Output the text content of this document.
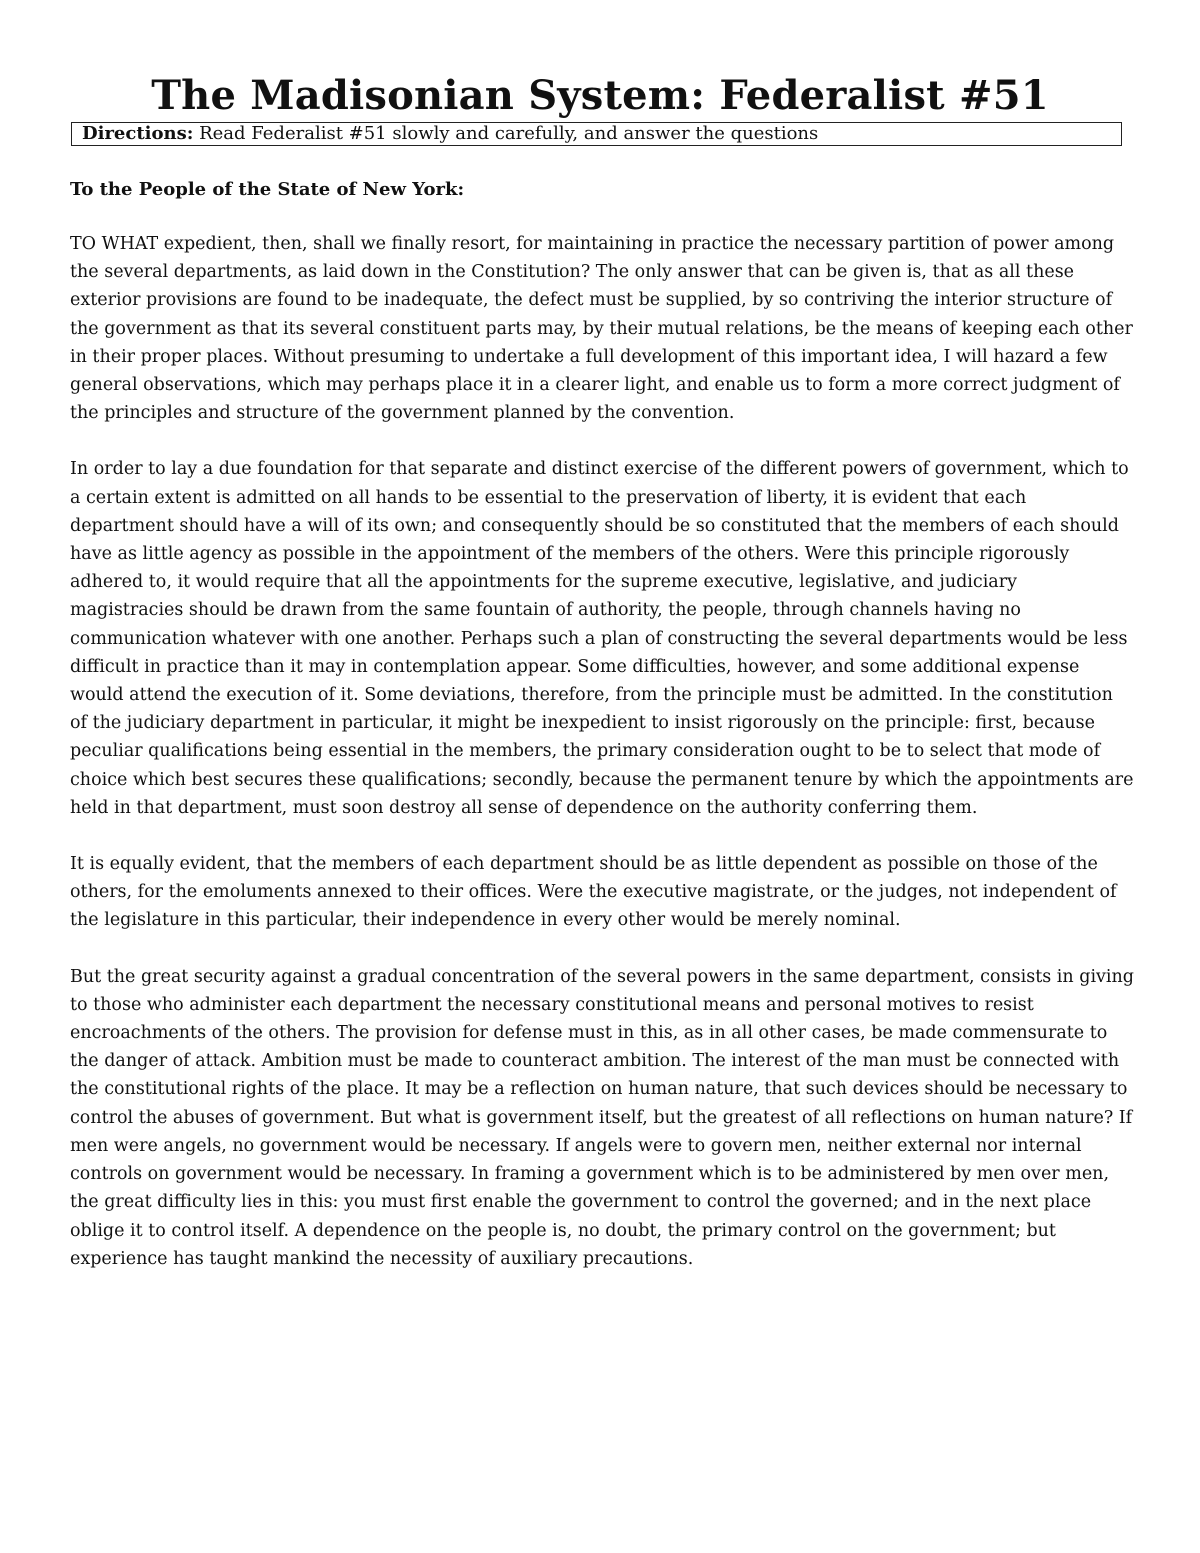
The Madisonian System: Federalist #51
Directions: Read Federalist #51 slowly and carefully, and answer the questions

To the People of the State of New York:

TO WHAT expedient, then, shall we finally resort, for maintaining in practice the necessary partition of power among the several departments, as laid down in the Constitution? The only answer that can be given is, that as all these exterior provisions are found to be inadequate, the defect must be supplied, by so contriving the interior structure of the government as that its several constituent parts may, by their mutual relations, be the means of keeping each other in their proper places. Without presuming to undertake a full development of this important idea, I will hazard a few general observations, which may perhaps place it in a clearer light, and enable us to form a more correct judgment of the principles and structure of the government planned by the convention.

In order to lay a due foundation for that separate and distinct exercise of the different powers of government, which to a certain extent is admitted on all hands to be essential to the preservation of liberty, it is evident that each department should have a will of its own; and consequently should be so constituted that the members of each should have as little agency as possible in the appointment of the members of the others. Were this principle rigorously adhered to, it would require that all the appointments for the supreme executive, legislative, and judiciary magistracies should be drawn from the same fountain of authority, the people, through channels having no communication whatever with one another. Perhaps such a plan of constructing the several departments would be less difficult in practice than it may in contemplation appear. Some difficulties, however, and some additional expense would attend the execution of it. Some deviations, therefore, from the principle must be admitted. In the constitution of the judiciary department in particular, it might be inexpedient to insist rigorously on the principle: first, because peculiar qualifications being essential in the members, the primary consideration ought to be to select that mode of choice which best secures these qualifications; secondly, because the permanent tenure by which the appointments are held in that department, must soon destroy all sense of dependence on the authority conferring them.

It is equally evident, that the members of each department should be as little dependent as possible on those of the others, for the emoluments annexed to their offices. Were the executive magistrate, or the judges, not independent of the legislature in this particular, their independence in every other would be merely nominal.

But the great security against a gradual concentration of the several powers in the same department, consists in giving to those who administer each department the necessary constitutional means and personal motives to resist encroachments of the others. The provision for defense must in this, as in all other cases, be made commensurate to the danger of attack. Ambition must be made to counteract ambition. The interest of the man must be connected with the constitutional rights of the place. It may be a reflection on human nature, that such devices should be necessary to control the abuses of government. But what is government itself, but the greatest of all reflections on human nature? If men were angels, no government would be necessary. If angels were to govern men, neither external nor internal controls on government would be necessary. In framing a government which is to be administered by men over men, the great difficulty lies in this: you must first enable the government to control the governed; and in the next place oblige it to control itself. A dependence on the people is, no doubt, the primary control on the government; but experience has taught mankind the necessity of auxiliary precautions.
